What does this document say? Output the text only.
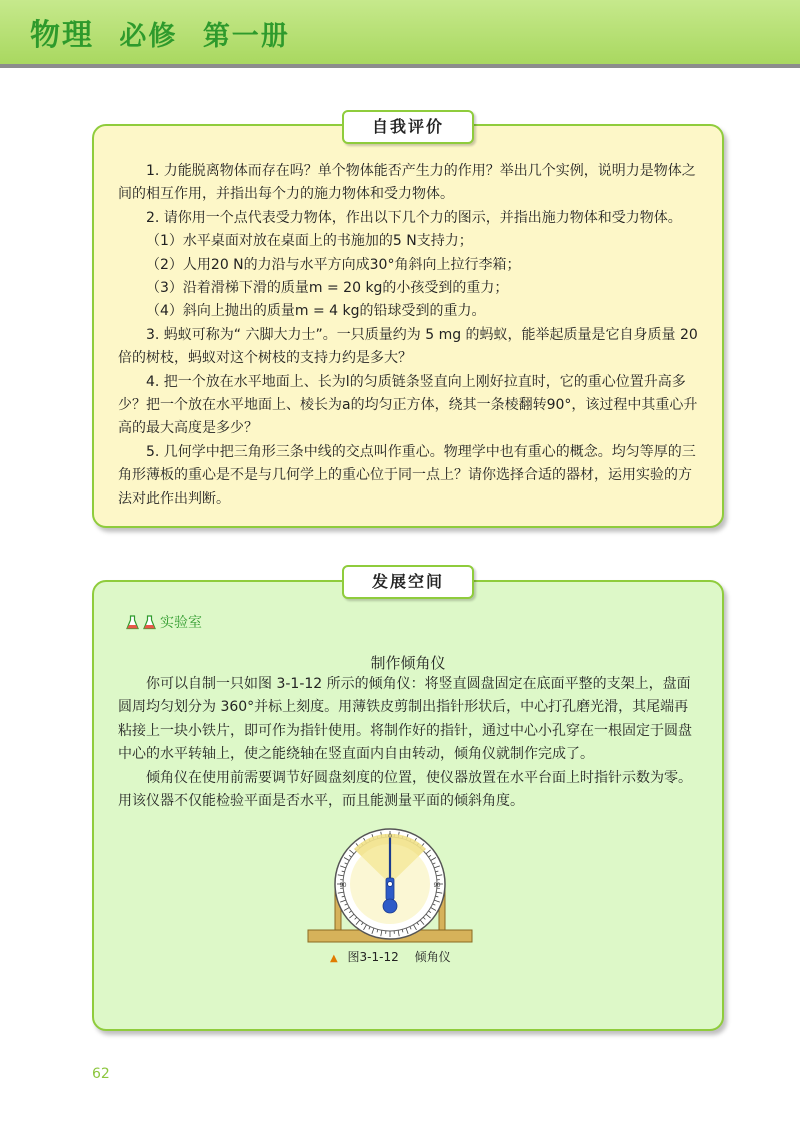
物理 必修 第一册
自我评价

1. 力能脱离物体而存在吗？单个物体能否产生力的作用？举出几个实例，说明力是物体之间的相互作用，并指出每个力的施力物体和受力物体。

2. 请你用一个点代表受力物体，作出以下几个力的图示，并指出施力物体和受力物体。

（1）水平桌面对放在桌面上的书施加的5 N支持力；

（2）人用20 N的力沿与水平方向成30°角斜向上拉行李箱；

（3）沿着滑梯下滑的质量m = 20 kg的小孩受到的重力；

（4）斜向上抛出的质量m = 4 kg的铅球受到的重力。

3. 蚂蚁可称为“ 六脚大力士”。一只质量约为 5 mg 的蚂蚁，能举起质量是它自身质量 20 倍的树枝，蚂蚁对这个树枝的支持力约是多大？

4. 把一个放在水平地面上、长为l的匀质链条竖直向上刚好拉直时，它的重心位置升高多少？把一个放在水平地面上、棱长为a的均匀正方体，绕其一条棱翻转90°，该过程中其重心升高的最大高度是多少？

5. 几何学中把三角形三条中线的交点叫作重心。物理学中也有重心的概念。均匀等厚的三角形薄板的重心是不是与几何学上的重心位于同一点上？请你选择合适的器材，运用实验的方法对此作出判断。

发展空间
实验室
制作倾角仪

你可以自制一只如图 3-1-12 所示的倾角仪：将竖直圆盘固定在底面平整的支架上，盘面圆周均匀划分为 360°并标上刻度。用薄铁皮剪制出指针形状后，中心打孔磨光滑，其尾端再粘接上一块小铁片，即可作为指针使用。将制作好的指针，通过中心小孔穿在一根固定于圆盘中心的水平转轴上，使之能绕轴在竖直面内自由转动，倾角仪就制作完成了。

倾角仪在使用前需要调节好圆盘刻度的位置，使仪器放置在水平台面上时指针示数为零。用该仪器不仅能检验平面是否水平，而且能测量平面的倾斜角度。

0
90	90
▲ 图3-1-12 倾角仪
62
